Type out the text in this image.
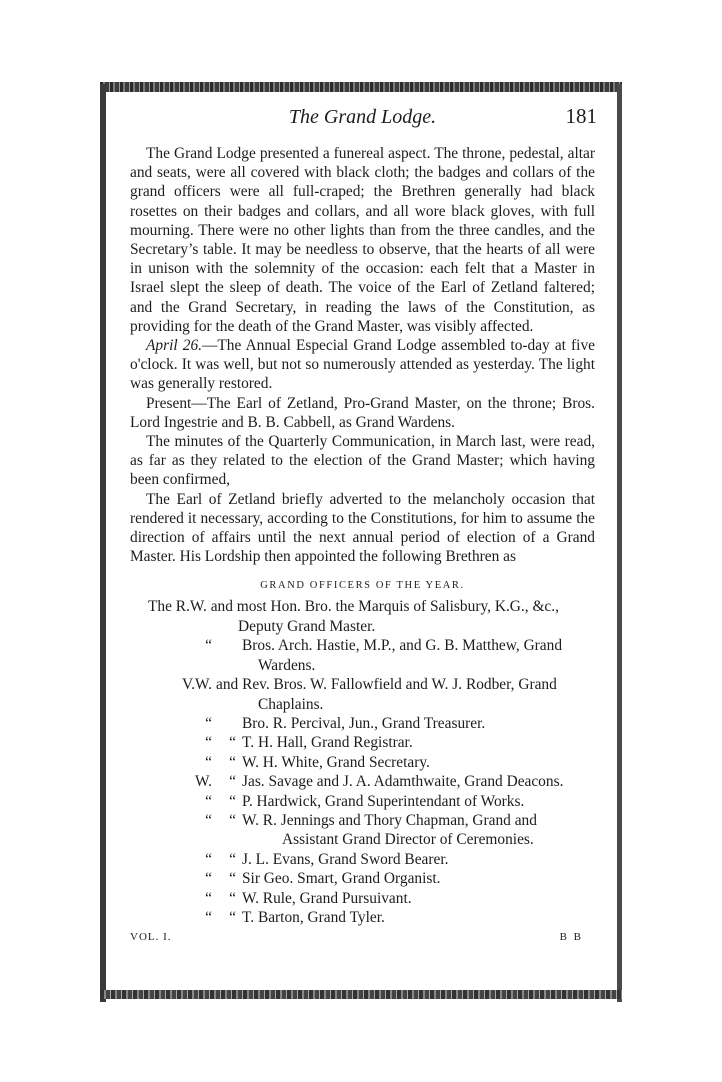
The Grand Lodge.	181

The Grand Lodge presented a funereal aspect. The throne, pedestal, altar and seats, were all covered with black cloth; the badges and collars of the grand officers were all full-craped; the Brethren generally had black rosettes on their badges and collars, and all wore black gloves, with full mourning. There were no other lights than from the three candles, and the Secretary’s table. It may be needless to observe, that the hearts of all were in unison with the solemnity of the occasion: each felt that a Master in Israel slept the sleep of death. The voice of the Earl of Zetland faltered; and the Grand Secretary, in reading the laws of the Constitution, as providing for the death of the Grand Master, was visibly affected.

April 26.—The Annual Especial Grand Lodge assembled to-day at five o'clock. It was well, but not so numerously attended as yesterday. The light was generally restored.

Present—The Earl of Zetland, Pro-Grand Master, on the throne; Bros. Lord Ingestrie and B. B. Cabbell, as Grand Wardens.

The minutes of the Quarterly Communication, in March last, were read, as far as they related to the election of the Grand Master; which having been confirmed,

The Earl of Zetland briefly adverted to the melancholy occasion that rendered it necessary, according to the Constitutions, for him to assume the direction of affairs until the next annual period of election of a Grand Master. His Lordship then appointed the following Brethren as

GRAND OFFICERS OF THE YEAR.
The R.W. and most Hon. Bro. the Marquis of Salisbury, K.G., &c.,
Deputy Grand Master.
“	Bros. Arch. Hastie, M.P., and G. B. Matthew, Grand
Wardens.
V.W. and Rev. Bros. W. Fallowfield and W. J. Rodber, Grand
Chaplains.
“	Bro. R. Percival, Jun., Grand Treasurer.
“	“ T. H. Hall, Grand Registrar.
“	“ W. H. White, Grand Secretary.
W.	“ Jas. Savage and J. A. Adamthwaite, Grand Deacons.
“	“ P. Hardwick, Grand Superintendant of Works.
“	“ W. R. Jennings and Thory Chapman, Grand and
Assistant Grand Director of Ceremonies.
“	“ J. L. Evans, Grand Sword Bearer.
“	“ Sir Geo. Smart, Grand Organist.
“	“ W. Rule, Grand Pursuivant.
“	“ T. Barton, Grand Tyler.
VOL. I.	B B
